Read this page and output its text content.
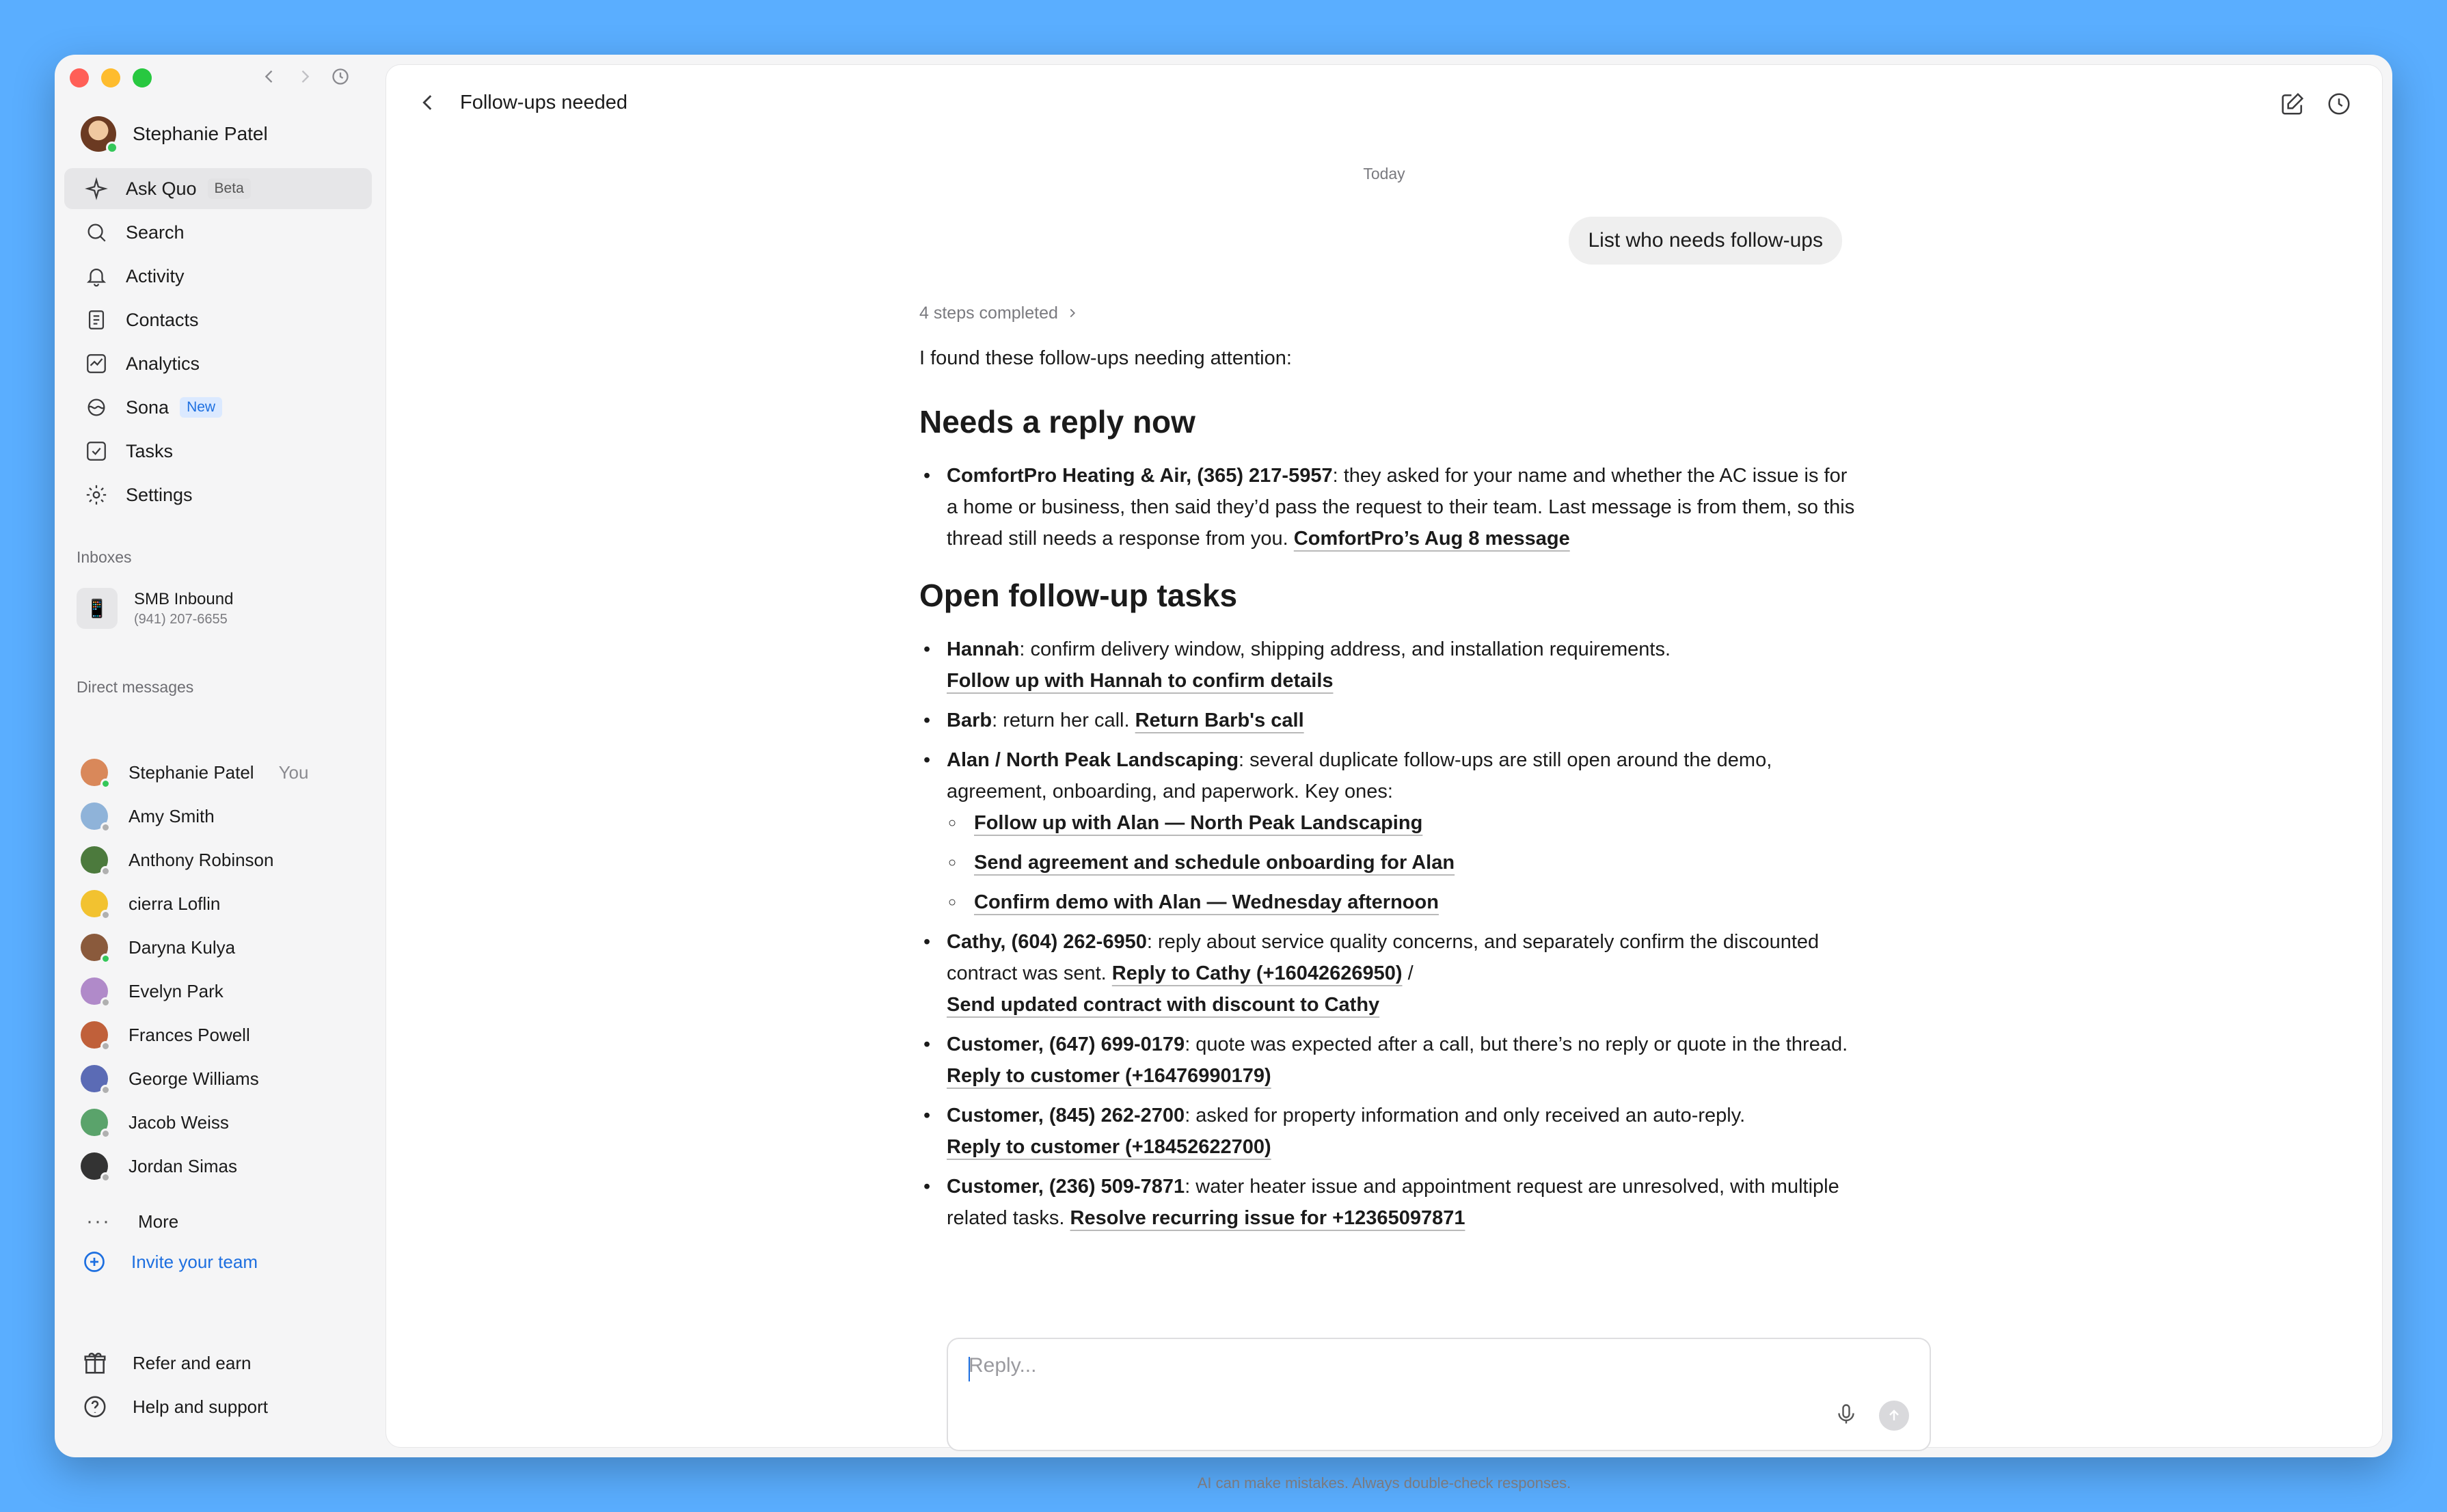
Stephanie Patel
Ask Quo	Beta
Search
Activity
Contacts
Analytics
Sona	New
Tasks
Settings
Inboxes
📱	SMB Inbound
(941) 207-6655
Direct messages
Stephanie Patel You
Amy Smith
Anthony Robinson
cierra Loflin
Daryna Kulya
Evelyn Park
Frances Powell
George Williams
Jacob Weiss
Jordan Simas
··· More
Invite your team
Refer and earn
Help and support
Follow-ups needed
Today
List who needs follow-ups
4 steps completed
I found these follow-ups needing attention:
Needs a reply now
• ComfortPro Heating & Air, (365) 217-5957: they asked for your name and whether the AC issue is for a home or business, then said they’d pass the request to their team. Last message is from them, so this thread still needs a response from you. ComfortPro’s Aug 8 message
Open follow-up tasks
• Hannah: confirm delivery window, shipping address, and installation requirements.
Follow up with Hannah to confirm details
• Barb: return her call. Return Barb's call
• Alan / North Peak Landscaping: several duplicate follow-ups are still open around the demo, agreement, onboarding, and paperwork. Key ones:
○ Follow up with Alan — North Peak Landscaping
○ Send agreement and schedule onboarding for Alan
○ Confirm demo with Alan — Wednesday afternoon
• Cathy, (604) 262-6950: reply about service quality concerns, and separately confirm the discounted contract was sent. Reply to Cathy (+16042626950) /
Send updated contract with discount to Cathy
• Customer, (647) 699-0179: quote was expected after a call, but there’s no reply or quote in the thread. Reply to customer (+16476990179)
• Customer, (845) 262-2700: asked for property information and only received an auto-reply.
Reply to customer (+18452622700)
• Customer, (236) 509-7871: water heater issue and appointment request are unresolved, with multiple related tasks. Resolve recurring issue for +12365097871
Reply...
AI can make mistakes. Always double-check responses.
